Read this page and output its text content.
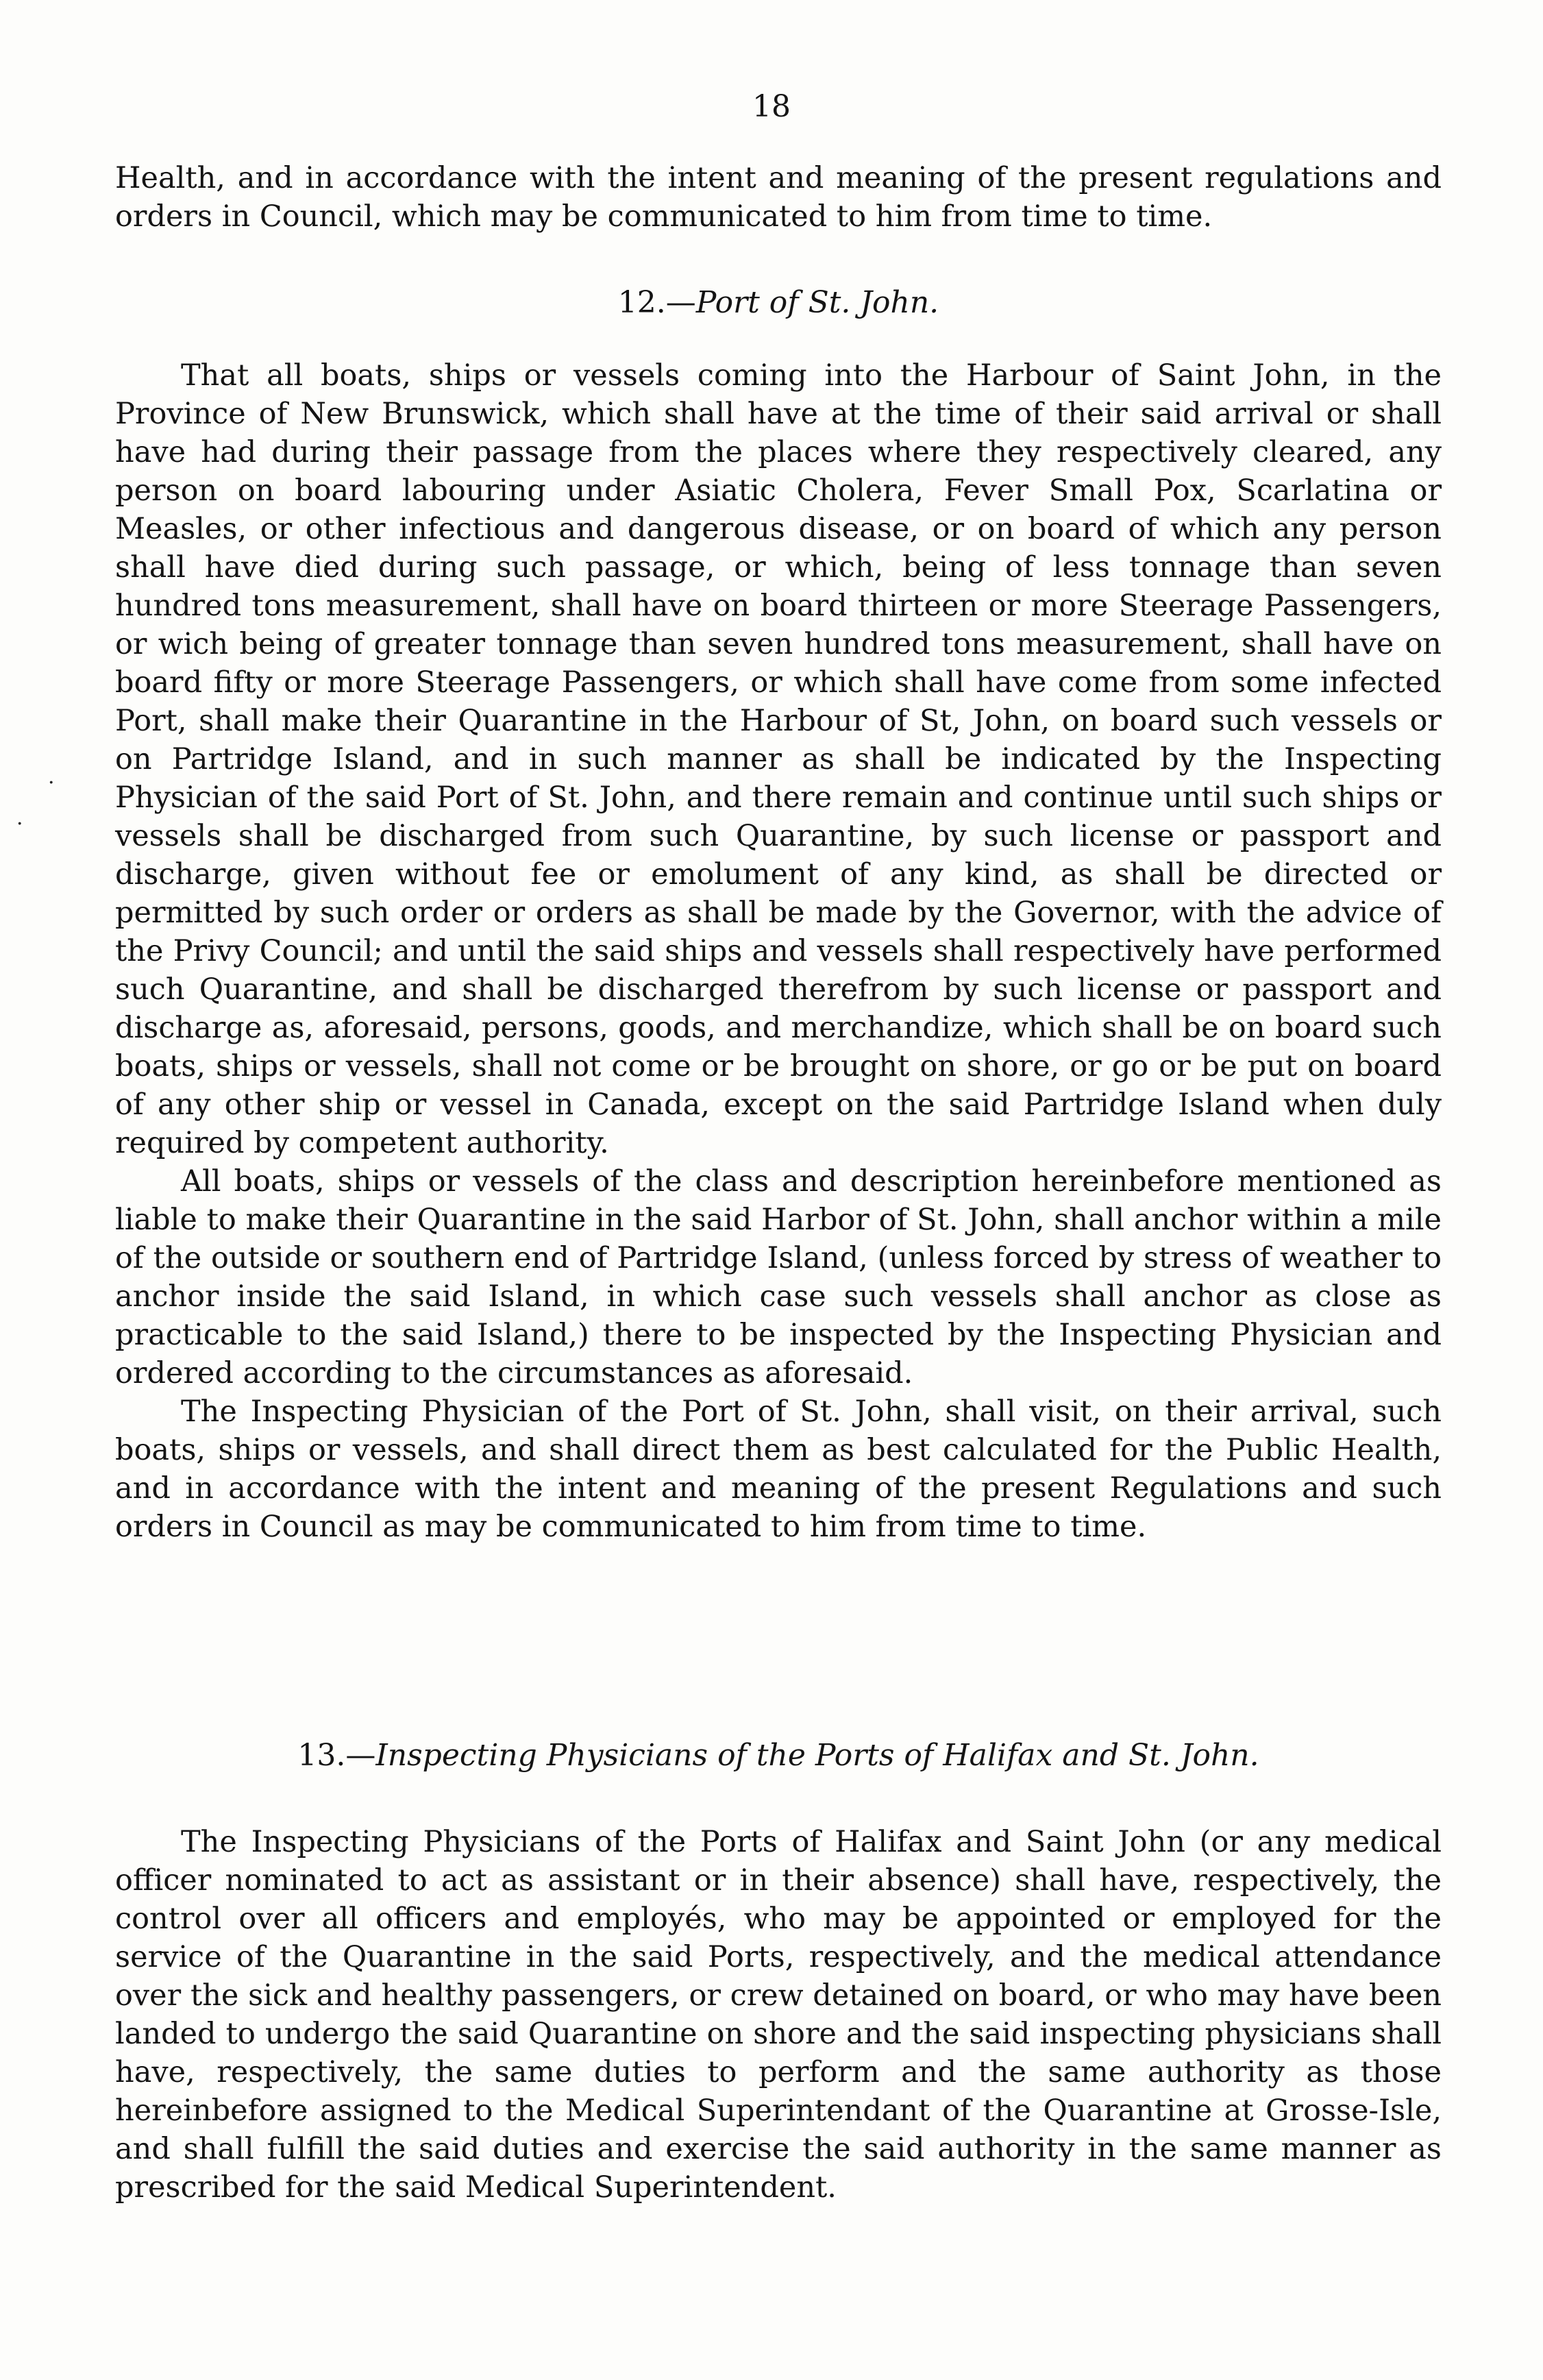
18

Health, and in accordance with the intent and meaning of the present regulations and orders in Council, which may be communicated to him from time to time.

12.—Port of St. John.

That all boats, ships or vessels coming into the Harbour of Saint John, in the Province of New Brunswick, which shall have at the time of their said arrival or shall have had during their passage from the places where they respectively cleared, any person on board labouring under Asiatic Cholera, Fever Small Pox, Scarlatina or Measles, or other infectious and dangerous disease, or on board of which any person shall have died during such passage, or which, being of less tonnage than seven hundred tons measurement, shall have on board thirteen or more Steerage Passengers, or wich being of greater tonnage than seven hundred tons measurement, shall have on board fifty or more Steerage Passengers, or which shall have come from some infected Port, shall make their Quarantine in the Harbour of St, John, on board such vessels or on Partridge Island, and in such manner as shall be indicated by the Inspecting Physician of the said Port of St. John, and there remain and continue until such ships or vessels shall be discharged from such Quarantine, by such license or passport and discharge, given without fee or emolument of any kind, as shall be directed or permitted by such order or orders as shall be made by the Governor, with the advice of the Privy Council; and until the said ships and vessels shall respectively have performed such Quarantine, and shall be discharged therefrom by such license or passport and discharge as, aforesaid, persons, goods, and merchandize, which shall be on board such boats, ships or vessels, shall not come or be brought on shore, or go or be put on board of any other ship or vessel in Canada, except on the said Partridge Island when duly required by competent authority.

All boats, ships or vessels of the class and description hereinbefore mentioned as liable to make their Quarantine in the said Harbor of St. John, shall anchor within a mile of the outside or southern end of Partridge Island, (unless forced by stress of weather to anchor inside the said Island, in which case such vessels shall anchor as close as practicable to the said Island,) there to be inspected by the Inspecting Physician and ordered according to the circumstances as aforesaid.

The Inspecting Physician of the Port of St. John, shall visit, on their arrival, such boats, ships or vessels, and shall direct them as best calculated for the Public Health, and in accordance with the intent and meaning of the present Regulations and such orders in Council as may be communicated to him from time to time.

13.—Inspecting Physicians of the Ports of Halifax and St. John.

The Inspecting Physicians of the Ports of Halifax and Saint John (or any medical officer nominated to act as assistant or in their absence) shall have, respectively, the control over all officers and employés, who may be appointed or employed for the service of the Quarantine in the said Ports, respectively, and the medical attendance over the sick and healthy passengers, or crew detained on board, or who may have been landed to undergo the said Quarantine on shore and the said inspecting physicians shall have, respectively, the same duties to perform and the same authority as those hereinbefore assigned to the Medical Superintendant of the Quarantine at Grosse-Isle, and shall fulfill the said duties and exercise the said authority in the same manner as prescribed for the said Medical Superintendent.

·
·
